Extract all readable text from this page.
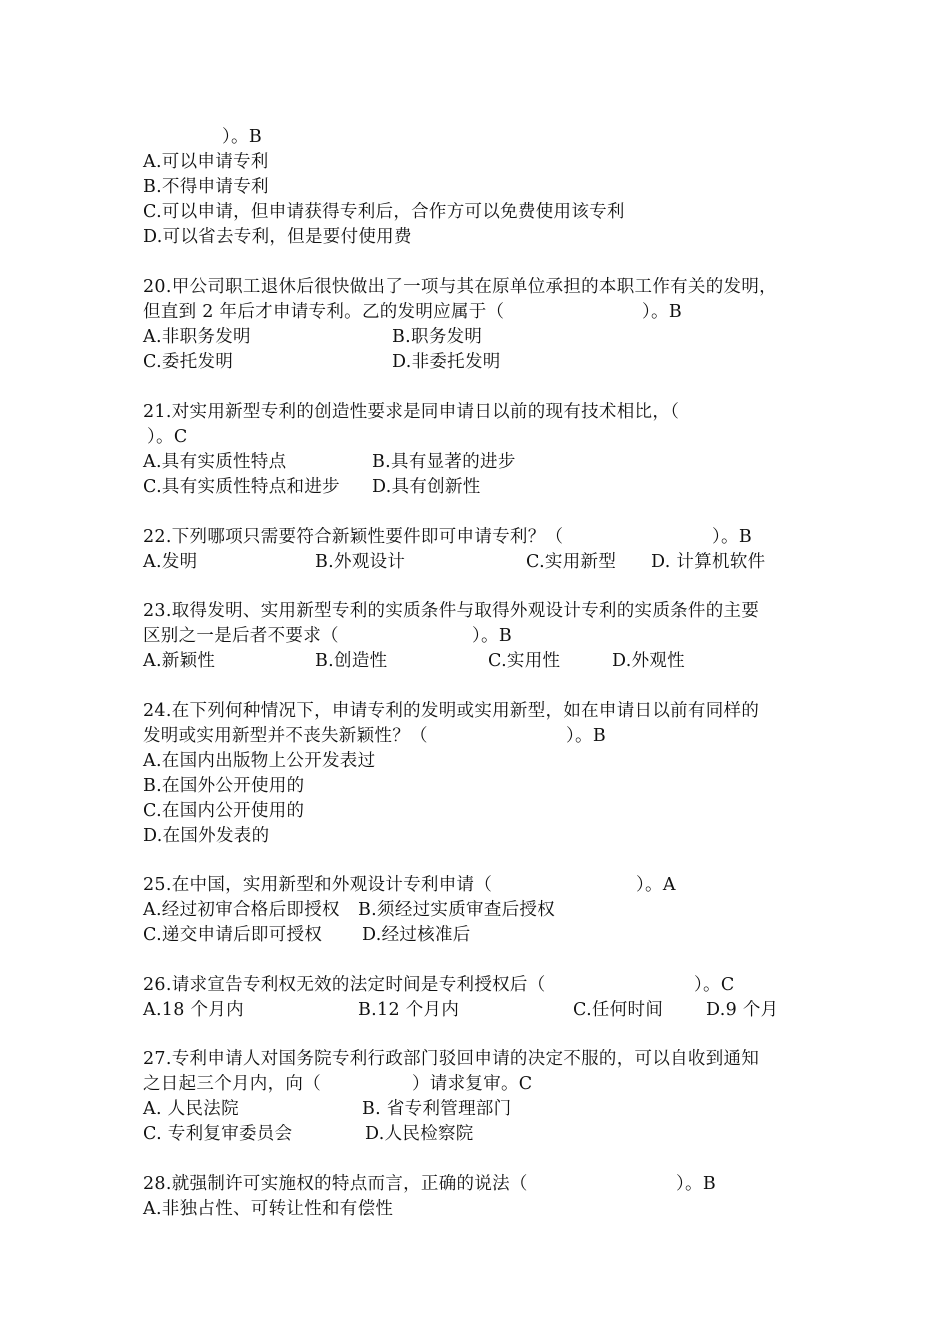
）。B
A.可以申请专利
B.不得申请专利
C.可以申请，但申请获得专利后，合作方可以免费使用该专利
D.可以省去专利，但是要付使用费
20.甲公司职工退休后很快做出了一项与其在原单位承担的本职工作有关的发明，
但直到 2 年后才申请专利。乙的发明应属于（	）。B
A.非职务发明	B.职务发明
C.委托发明	D.非委托发明
21.对实用新型专利的创造性要求是同申请日以前的现有技术相比，（
）。C
A.具有实质性特点	B.具有显著的进步
C.具有实质性特点和进步 D.具有创新性
22.下列哪项只需要符合新颖性要件即可申请专利？（	）。B
A.发明	B.外观设计	C.实用新型 D. 计算机软件
23.取得发明、实用新型专利的实质条件与取得外观设计专利的实质条件的主要
区别之一是后者不要求（	）。B
A.新颖性	B.创造性	C.实用性	D.外观性
24.在下列何种情况下，申请专利的发明或实用新型，如在申请日以前有同样的
发明或实用新型并不丧失新颖性？（	）。B
A.在国内出版物上公开发表过
B.在国外公开使用的
C.在国内公开使用的
D.在国外发表的
25.在中国，实用新型和外观设计专利申请（	）。A
A.经过初审合格后即授权 B.须经过实质审查后授权
C.递交申请后即可授权 D.经过核准后
26.请求宣告专利权无效的法定时间是专利授权后（	）。C
A.18 个月内	B.12 个月内	C.任何时间 D.9 个月
27.专利申请人对国务院专利行政部门驳回申请的决定不服的，可以自收到通知
之日起三个月内，向（	）请求复审。C
A. 人民法院	B. 省专利管理部门
C. 专利复审委员会	D.人民检察院
28.就强制许可实施权的特点而言，正确的说法（	）。B
A.非独占性、可转让性和有偿性
